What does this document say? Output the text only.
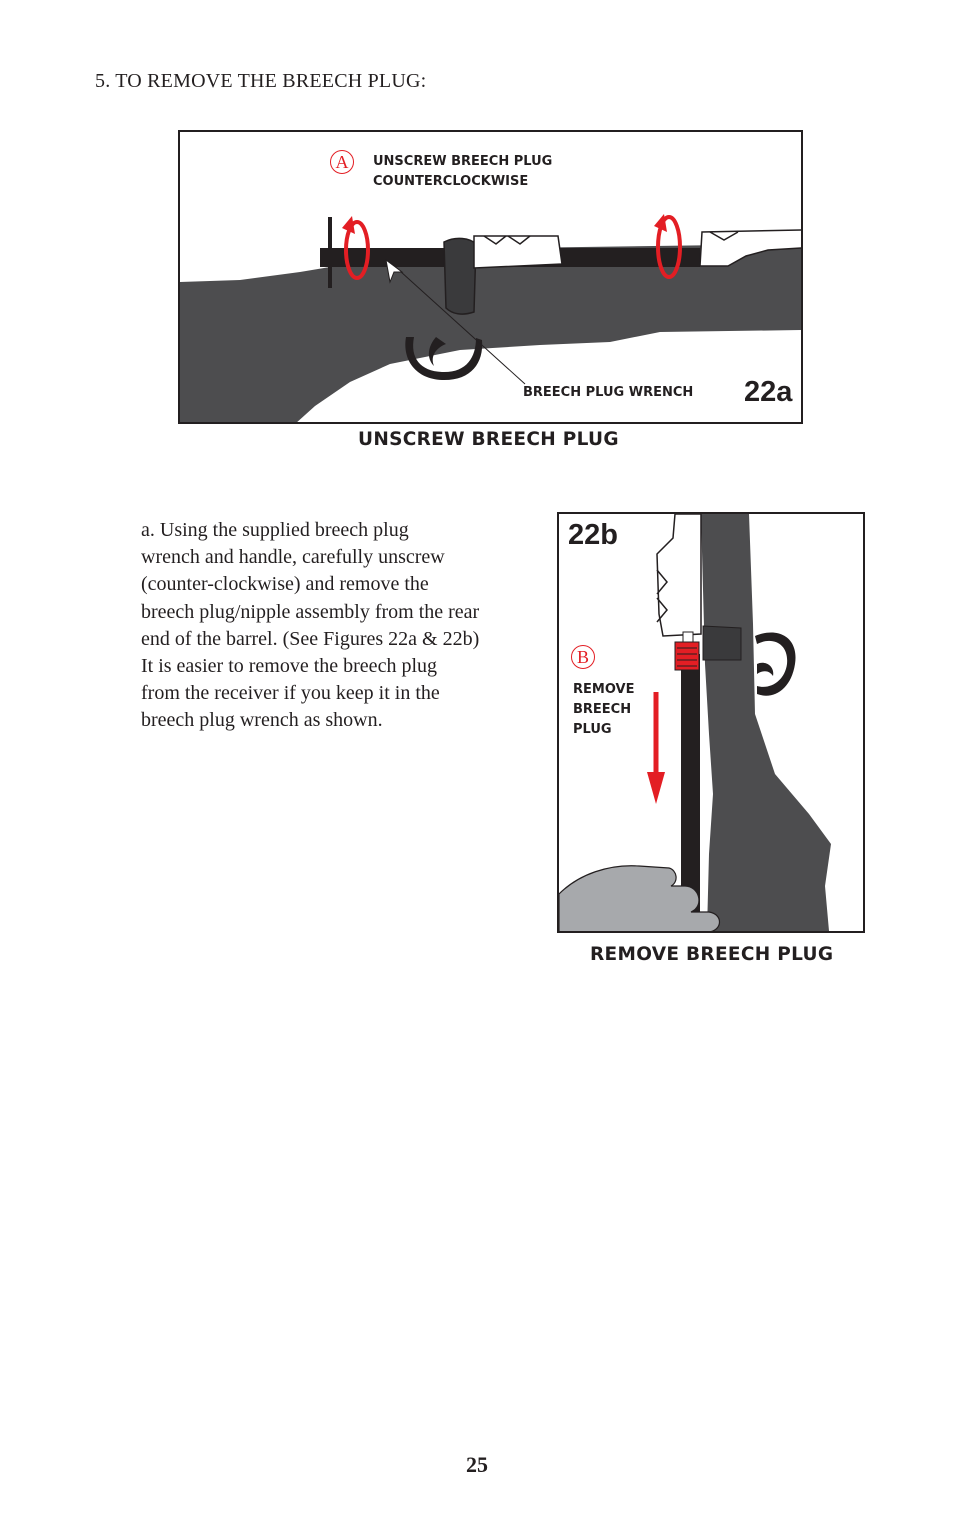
5. TO REMOVE THE BREECH PLUG:
A	UNSCREW BREECH PLUG
COUNTERCLOCKWISE
BREECH PLUG WRENCH 22a
UNSCREW BREECH PLUG
a. Using the supplied breech plug
wrench and handle, carefully unscrew
(counter-clockwise) and remove the
breech plug/nipple assembly from the rear
end of the barrel. (See Figures 22a & 22b)
It is easier to remove the breech plug
from the receiver if you keep it in the
breech plug wrench as shown.
22b
B
REMOVE
BREECH
PLUG
REMOVE BREECH PLUG
25
